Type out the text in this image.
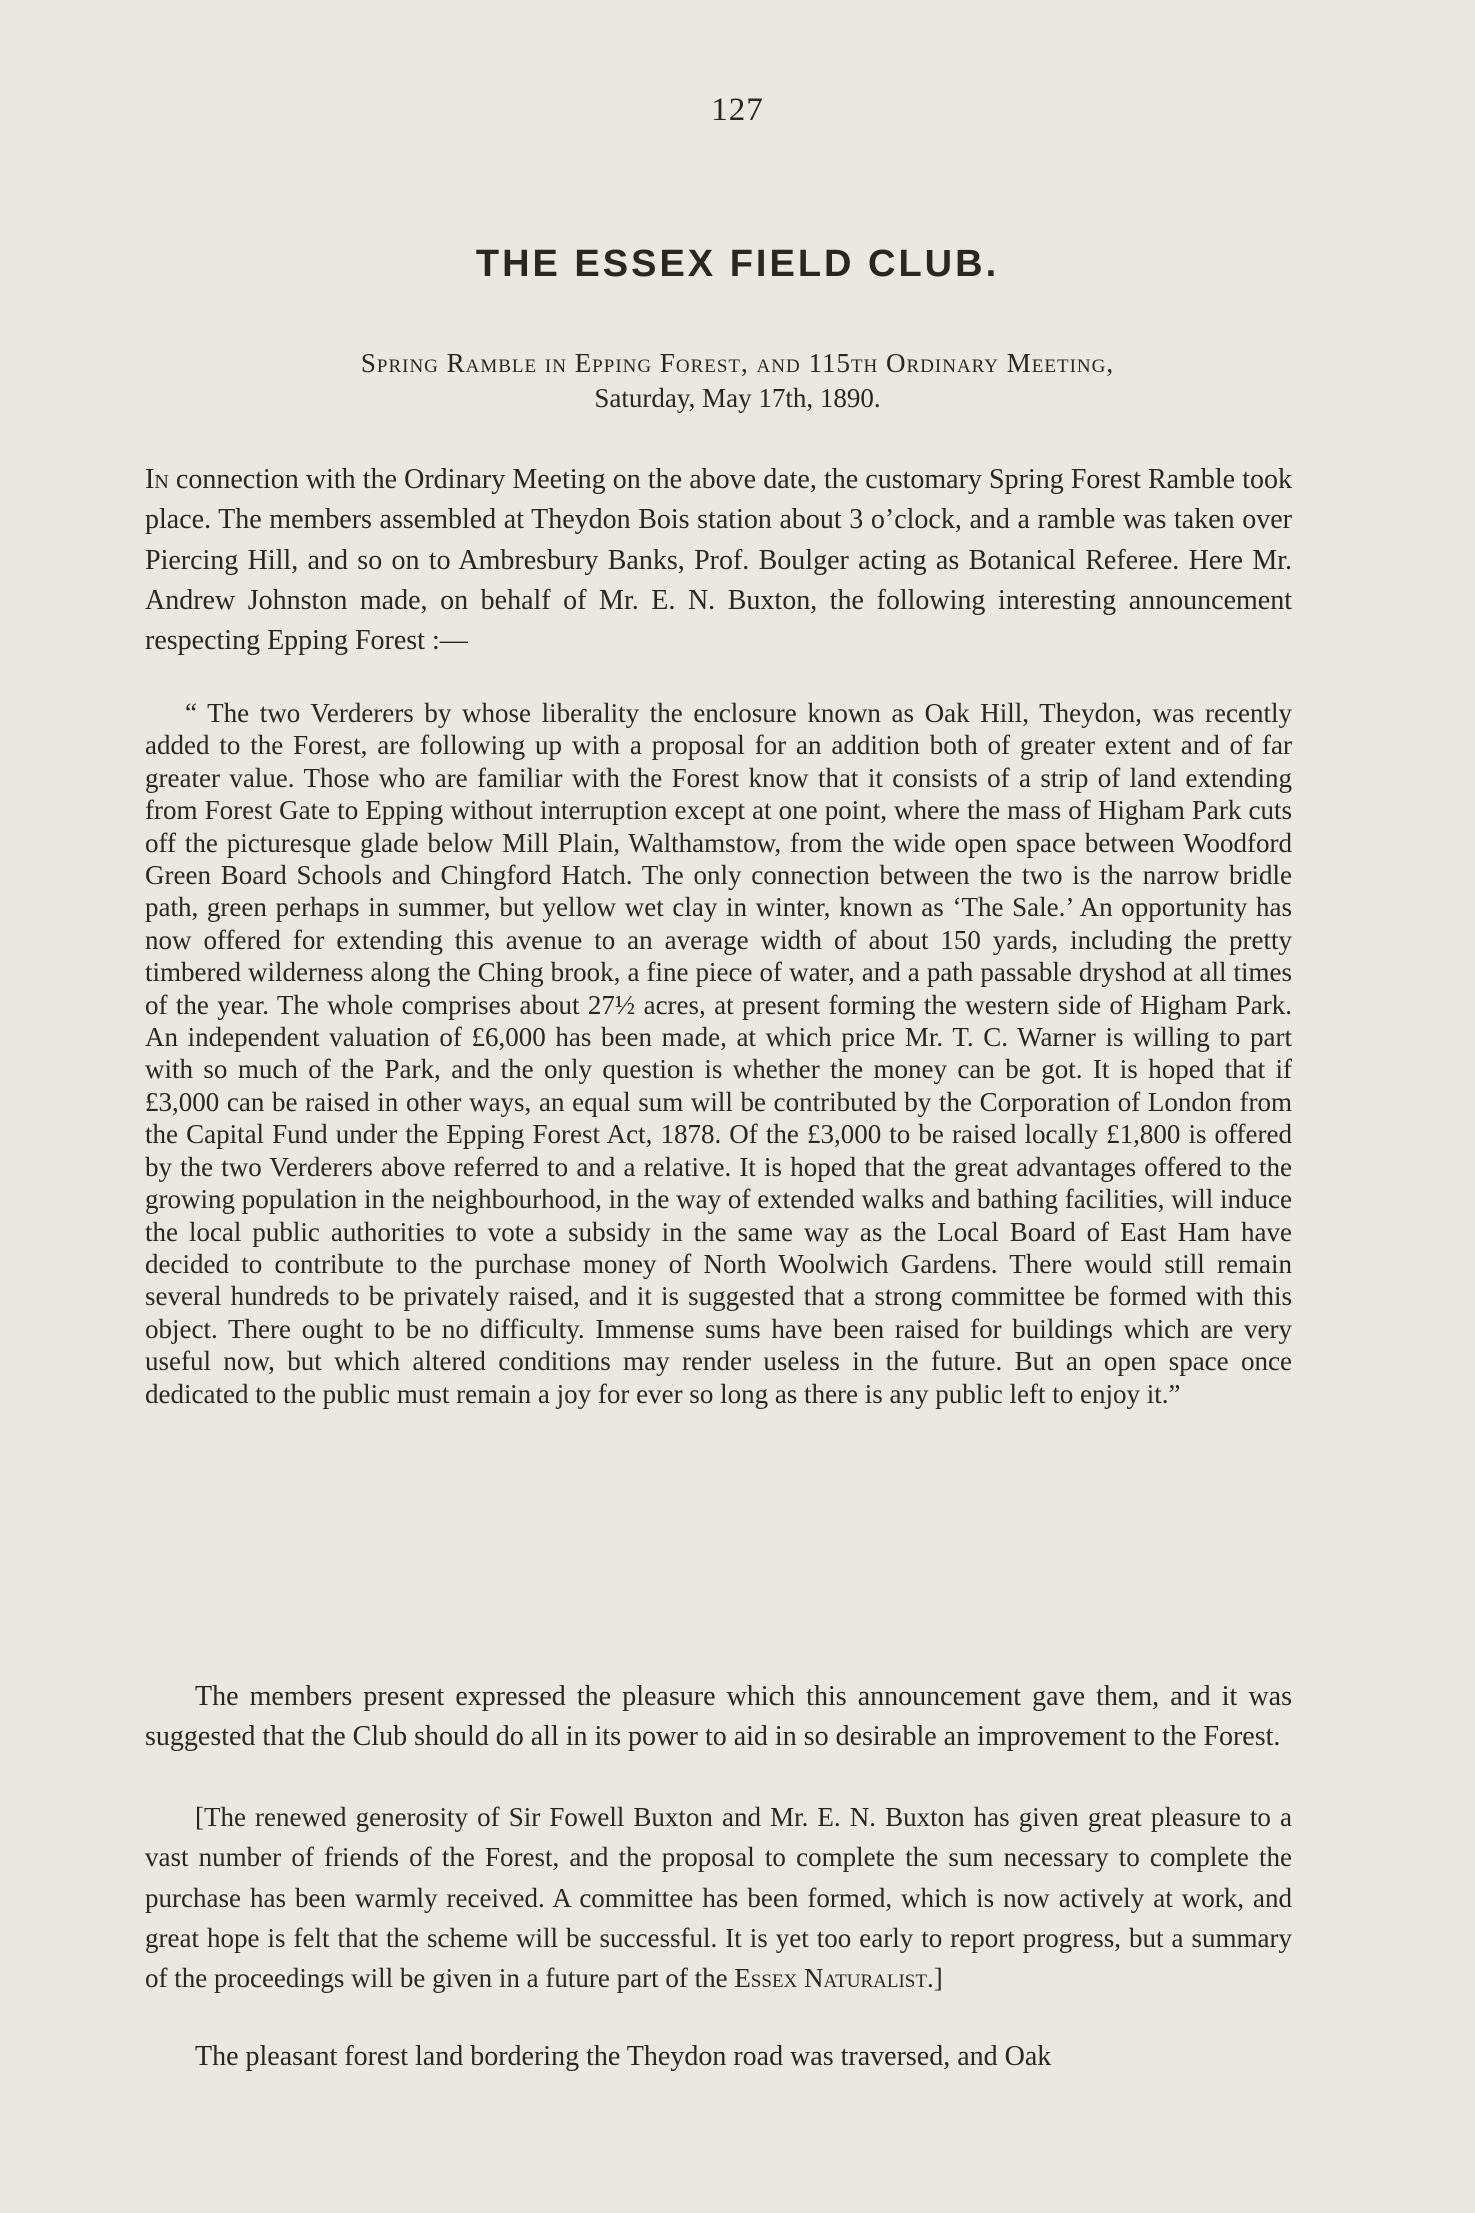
127
THE ESSEX FIELD CLUB.
Spring Ramble in Epping Forest, and 115th Ordinary Meeting,
Saturday, May 17th, 1890.

In connection with the Ordinary Meeting on the above date, the customary Spring Forest Ramble took place. The members assembled at Theydon Bois station about 3 o’clock, and a ramble was taken over Piercing Hill, and so on to Ambresbury Banks, Prof. Boulger acting as Botanical Referee. Here Mr. Andrew Johnston made, on behalf of Mr. E. N. Buxton, the following interesting announcement respecting Epping Forest :—

“ The two Verderers by whose liberality the enclosure known as Oak Hill, Theydon, was recently added to the Forest, are following up with a proposal for an addition both of greater extent and of far greater value. Those who are familiar with the Forest know that it consists of a strip of land extending from Forest Gate to Epping without interruption except at one point, where the mass of Higham Park cuts off the picturesque glade below Mill Plain, Walthamstow, from the wide open space between Woodford Green Board Schools and Chingford Hatch. The only connection between the two is the narrow bridle path, green perhaps in summer, but yellow wet clay in winter, known as ‘The Sale.’ An opportunity has now offered for extending this avenue to an average width of about 150 yards, including the pretty timbered wilderness along the Ching brook, a fine piece of water, and a path passable dryshod at all times of the year. The whole comprises about 27½ acres, at present forming the western side of Higham Park. An independent valuation of £6,000 has been made, at which price Mr. T. C. Warner is willing to part with so much of the Park, and the only question is whether the money can be got. It is hoped that if £3,000 can be raised in other ways, an equal sum will be contributed by the Corporation of London from the Capital Fund under the Epping Forest Act, 1878. Of the £3,000 to be raised locally £1,800 is offered by the two Verderers above referred to and a relative. It is hoped that the great advantages offered to the growing population in the neighbourhood, in the way of extended walks and bathing facilities, will induce the local public authorities to vote a subsidy in the same way as the Local Board of East Ham have decided to contribute to the purchase money of North Woolwich Gardens. There would still remain several hundreds to be privately raised, and it is suggested that a strong committee be formed with this object. There ought to be no difficulty. Immense sums have been raised for buildings which are very useful now, but which altered conditions may render useless in the future. But an open space once dedicated to the public must remain a joy for ever so long as there is any public left to enjoy it.”

The members present expressed the pleasure which this announcement gave them, and it was suggested that the Club should do all in its power to aid in so desirable an improvement to the Forest.

[The renewed generosity of Sir Fowell Buxton and Mr. E. N. Buxton has given great pleasure to a vast number of friends of the Forest, and the proposal to complete the sum necessary to complete the purchase has been warmly received. A committee has been formed, which is now actively at work, and great hope is felt that the scheme will be successful. It is yet too early to report progress, but a summary of the proceedings will be given in a future part of the Essex Naturalist.]

The pleasant forest land bordering the Theydon road was traversed, and Oak
